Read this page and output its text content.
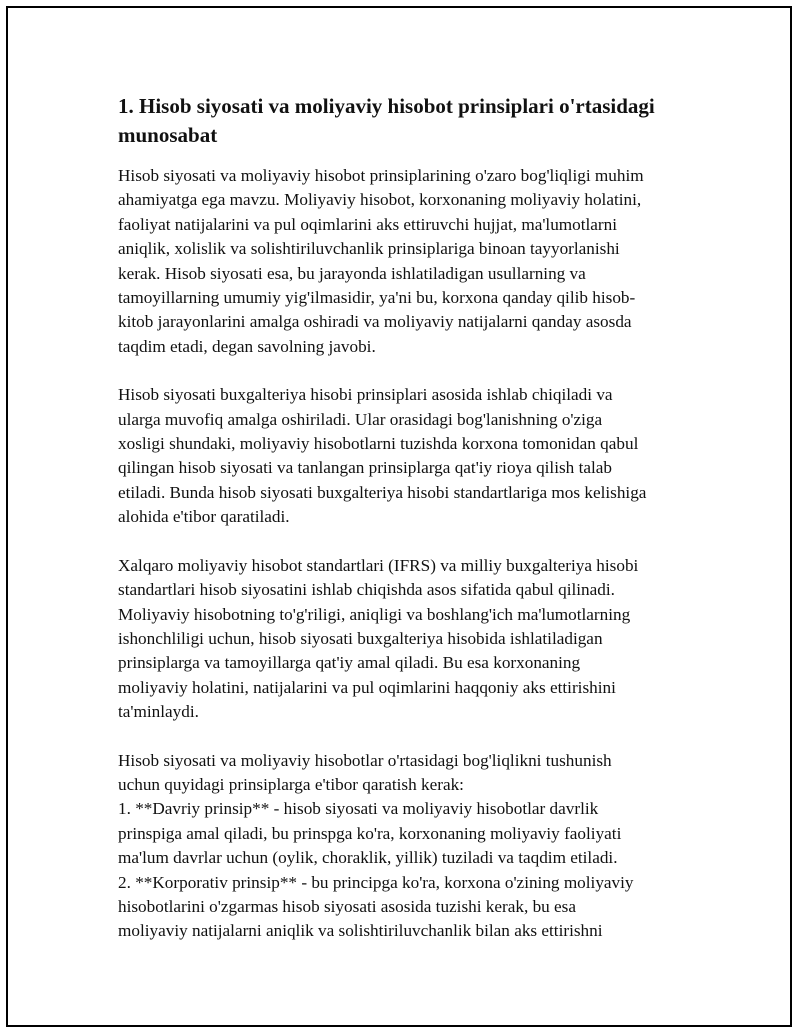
1. Hisob siyosati va moliyaviy hisobot prinsiplari o'rtasidagi
munosabat

Hisob siyosati va moliyaviy hisobot prinsiplarining o'zaro bog'liqligi muhim
ahamiyatga ega mavzu. Moliyaviy hisobot, korxonaning moliyaviy holatini,
faoliyat natijalarini va pul oqimlarini aks ettiruvchi hujjat, ma'lumotlarni
aniqlik, xolislik va solishtiriluvchanlik prinsiplariga binoan tayyorlanishi
kerak. Hisob siyosati esa, bu jarayonda ishlatiladigan usullarning va
tamoyillarning umumiy yig'ilmasidir, ya'ni bu, korxona qanday qilib hisob-
kitob jarayonlarini amalga oshiradi va moliyaviy natijalarni qanday asosda
taqdim etadi, degan savolning javobi.

Hisob siyosati buxgalteriya hisobi prinsiplari asosida ishlab chiqiladi va
ularga muvofiq amalga oshiriladi. Ular orasidagi bog'lanishning o'ziga
xosligi shundaki, moliyaviy hisobotlarni tuzishda korxona tomonidan qabul
qilingan hisob siyosati va tanlangan prinsiplarga qat'iy rioya qilish talab
etiladi. Bunda hisob siyosati buxgalteriya hisobi standartlariga mos kelishiga
alohida e'tibor qaratiladi.

Xalqaro moliyaviy hisobot standartlari (IFRS) va milliy buxgalteriya hisobi
standartlari hisob siyosatini ishlab chiqishda asos sifatida qabul qilinadi.
Moliyaviy hisobotning to'g'riligi, aniqligi va boshlang'ich ma'lumotlarning
ishonchliligi uchun, hisob siyosati buxgalteriya hisobida ishlatiladigan
prinsiplarga va tamoyillarga qat'iy amal qiladi. Bu esa korxonaning
moliyaviy holatini, natijalarini va pul oqimlarini haqqoniy aks ettirishini
ta'minlaydi.

Hisob siyosati va moliyaviy hisobotlar o'rtasidagi bog'liqlikni tushunish
uchun quyidagi prinsiplarga e'tibor qaratish kerak:
1. **Davriy prinsip** - hisob siyosati va moliyaviy hisobotlar davrlik
prinspiga amal qiladi, bu prinspga ko'ra, korxonaning moliyaviy faoliyati
ma'lum davrlar uchun (oylik, choraklik, yillik) tuziladi va taqdim etiladi.
2. **Korporativ prinsip** - bu principga ko'ra, korxona o'zining moliyaviy
hisobotlarini o'zgarmas hisob siyosati asosida tuzishi kerak, bu esa
moliyaviy natijalarni aniqlik va solishtiriluvchanlik bilan aks ettirishni
